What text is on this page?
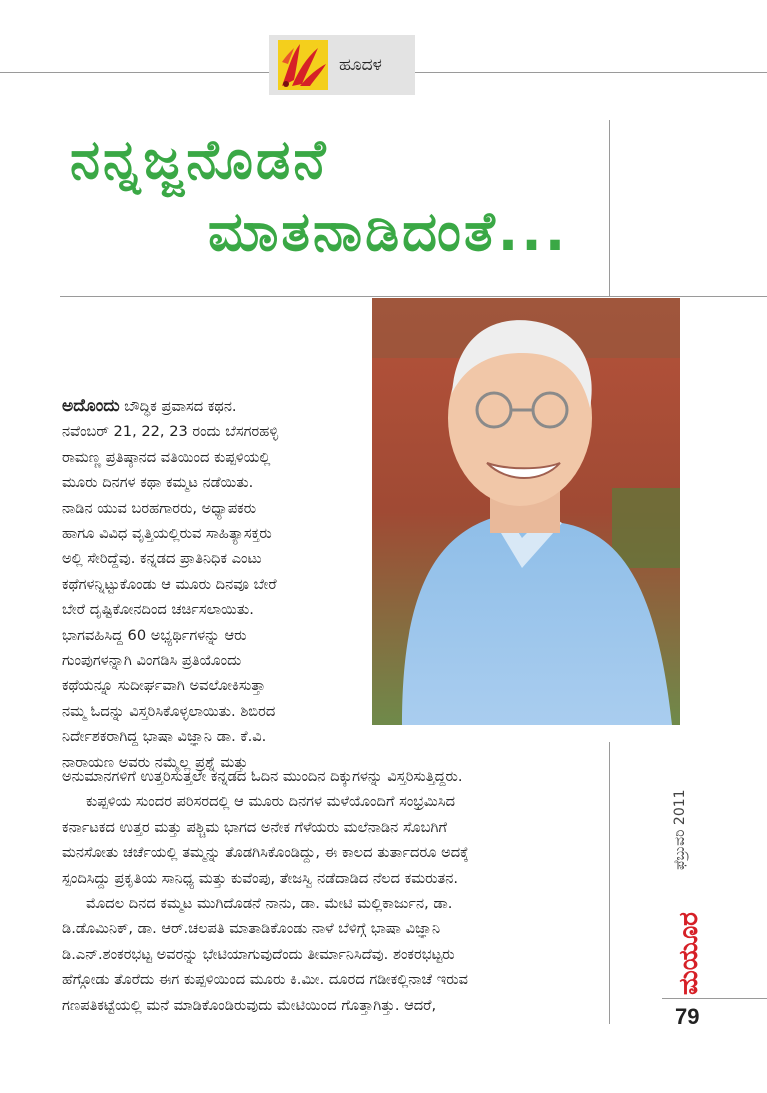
ಹೂದಳ
ನನ್ನಜ್ಜನೊಡನೆ
ಮಾತನಾಡಿದಂತೆ...
ಅದೊಂದು ಬೌದ್ಧಿಕ ಪ್ರವಾಸದ ಕಥನ.
ನವೆಂಬರ್ 21, 22, 23 ರಂದು ಬೆಸಗರಹಳ್ಳಿ
ರಾಮಣ್ಣ ಪ್ರತಿಷ್ಠಾನದ ವತಿಯಿಂದ ಕುಪ್ಪಳಿಯಲ್ಲಿ
ಮೂರು ದಿನಗಳ ಕಥಾ ಕಮ್ಮಟ ನಡೆಯಿತು.
ನಾಡಿನ ಯುವ ಬರಹಗಾರರು, ಅಧ್ಯಾಪಕರು
ಹಾಗೂ ವಿವಿಧ ವೃತ್ತಿಯಲ್ಲಿರುವ ಸಾಹಿತ್ಯಾಸಕ್ತರು
ಅಲ್ಲಿ ಸೇರಿದ್ದೆವು. ಕನ್ನಡದ ಪ್ರಾತಿನಿಧಿಕ ಎಂಟು
ಕಥೆಗಳನ್ನಿಟ್ಟುಕೊಂಡು ಆ ಮೂರು ದಿನವೂ ಬೇರೆ
ಬೇರೆ ದೃಷ್ಟಿಕೋನದಿಂದ ಚರ್ಚಿಸಲಾಯಿತು.
ಭಾಗವಹಿಸಿದ್ದ 60 ಅಭ್ಯರ್ಥಿಗಳನ್ನು ಆರು
ಗುಂಪುಗಳನ್ನಾಗಿ ವಿಂಗಡಿಸಿ ಪ್ರತಿಯೊಂದು
ಕಥೆಯನ್ನೂ ಸುದೀರ್ಘವಾಗಿ ಅವಲೋಕಿಸುತ್ತಾ
ನಮ್ಮ ಓದನ್ನು ವಿಸ್ತರಿಸಿಕೊಳ್ಳಲಾಯಿತು. ಶಿಬಿರದ
ನಿರ್ದೇಶಕರಾಗಿದ್ದ ಭಾಷಾ ವಿಜ್ಞಾನಿ ಡಾ. ಕೆ.ವಿ.
ನಾರಾಯಣ ಅವರು ನಮ್ಮೆಲ್ಲ ಪ್ರಶ್ನೆ ಮತ್ತು
ಅನುಮಾನಗಳಿಗೆ ಉತ್ತರಿಸುತ್ತಲೇ ಕನ್ನಡದ ಓದಿನ ಮುಂದಿನ ದಿಕ್ಕುಗಳನ್ನು ವಿಸ್ತರಿಸುತ್ತಿದ್ದರು.
ಕುಪ್ಪಳಿಯ ಸುಂದರ ಪರಿಸರದಲ್ಲಿ ಆ ಮೂರು ದಿನಗಳ ಮಳೆಯೊಂದಿಗೆ ಸಂಭ್ರಮಿಸಿದ
ಕರ್ನಾಟಕದ ಉತ್ತರ ಮತ್ತು ಪಶ್ಚಿಮ ಭಾಗದ ಅನೇಕ ಗೆಳೆಯರು ಮಲೆನಾಡಿನ ಸೊಬಗಿಗೆ
ಮನಸೋತು ಚರ್ಚೆಯಲ್ಲಿ ತಮ್ಮನ್ನು ತೊಡಗಿಸಿಕೊಂಡಿದ್ದು, ಈ ಕಾಲದ ತುರ್ತಾದರೂ ಅದಕ್ಕೆ
ಸ್ಪಂದಿಸಿದ್ದು ಪ್ರಕೃತಿಯ ಸಾನಿಧ್ಯ ಮತ್ತು ಕುವೆಂಪು, ತೇಜಸ್ವಿ ನಡೆದಾಡಿದ ನೆಲದ ಕಮರುತನ.
ಮೊದಲ ದಿನದ ಕಮ್ಮಟ ಮುಗಿದೊಡನೆ ನಾನು, ಡಾ. ಮೇಟಿ ಮಲ್ಲಿಕಾರ್ಜುನ, ಡಾ.
ಡಿ.ಡೊಮಿನಿಕ್, ಡಾ. ಆರ್.ಚಲಪತಿ ಮಾತಾಡಿಕೊಂಡು ನಾಳೆ ಬೆಳಿಗ್ಗೆ ಭಾಷಾ ವಿಜ್ಞಾನಿ
ಡಿ.ಎನ್.ಶಂಕರಭಟ್ಟ ಅವರನ್ನು ಭೇಟಿಯಾಗುವುದೆಂದು ತೀರ್ಮಾನಿಸಿದೆವು. ಶಂಕರಭಟ್ಟರು
ಹೆಗ್ಗೋಡು ತೊರೆದು ಈಗ ಕುಪ್ಪಳಿಯಿಂದ ಮೂರು ಕಿ.ಮೀ. ದೂರದ ಗಡೀಕಲ್ಲಿನಾಚೆ ಇರುವ
ಗಣಪತಿಕಟ್ಟೆಯಲ್ಲಿ ಮನೆ ಮಾಡಿಕೊಂಡಿರುವುದು ಮೇಟಿಯಿಂದ ಗೊತ್ತಾಗಿತ್ತು. ಆದರೆ,
ಫೆಬ್ರುವರಿ 2011
ಮಯೂರ
79
